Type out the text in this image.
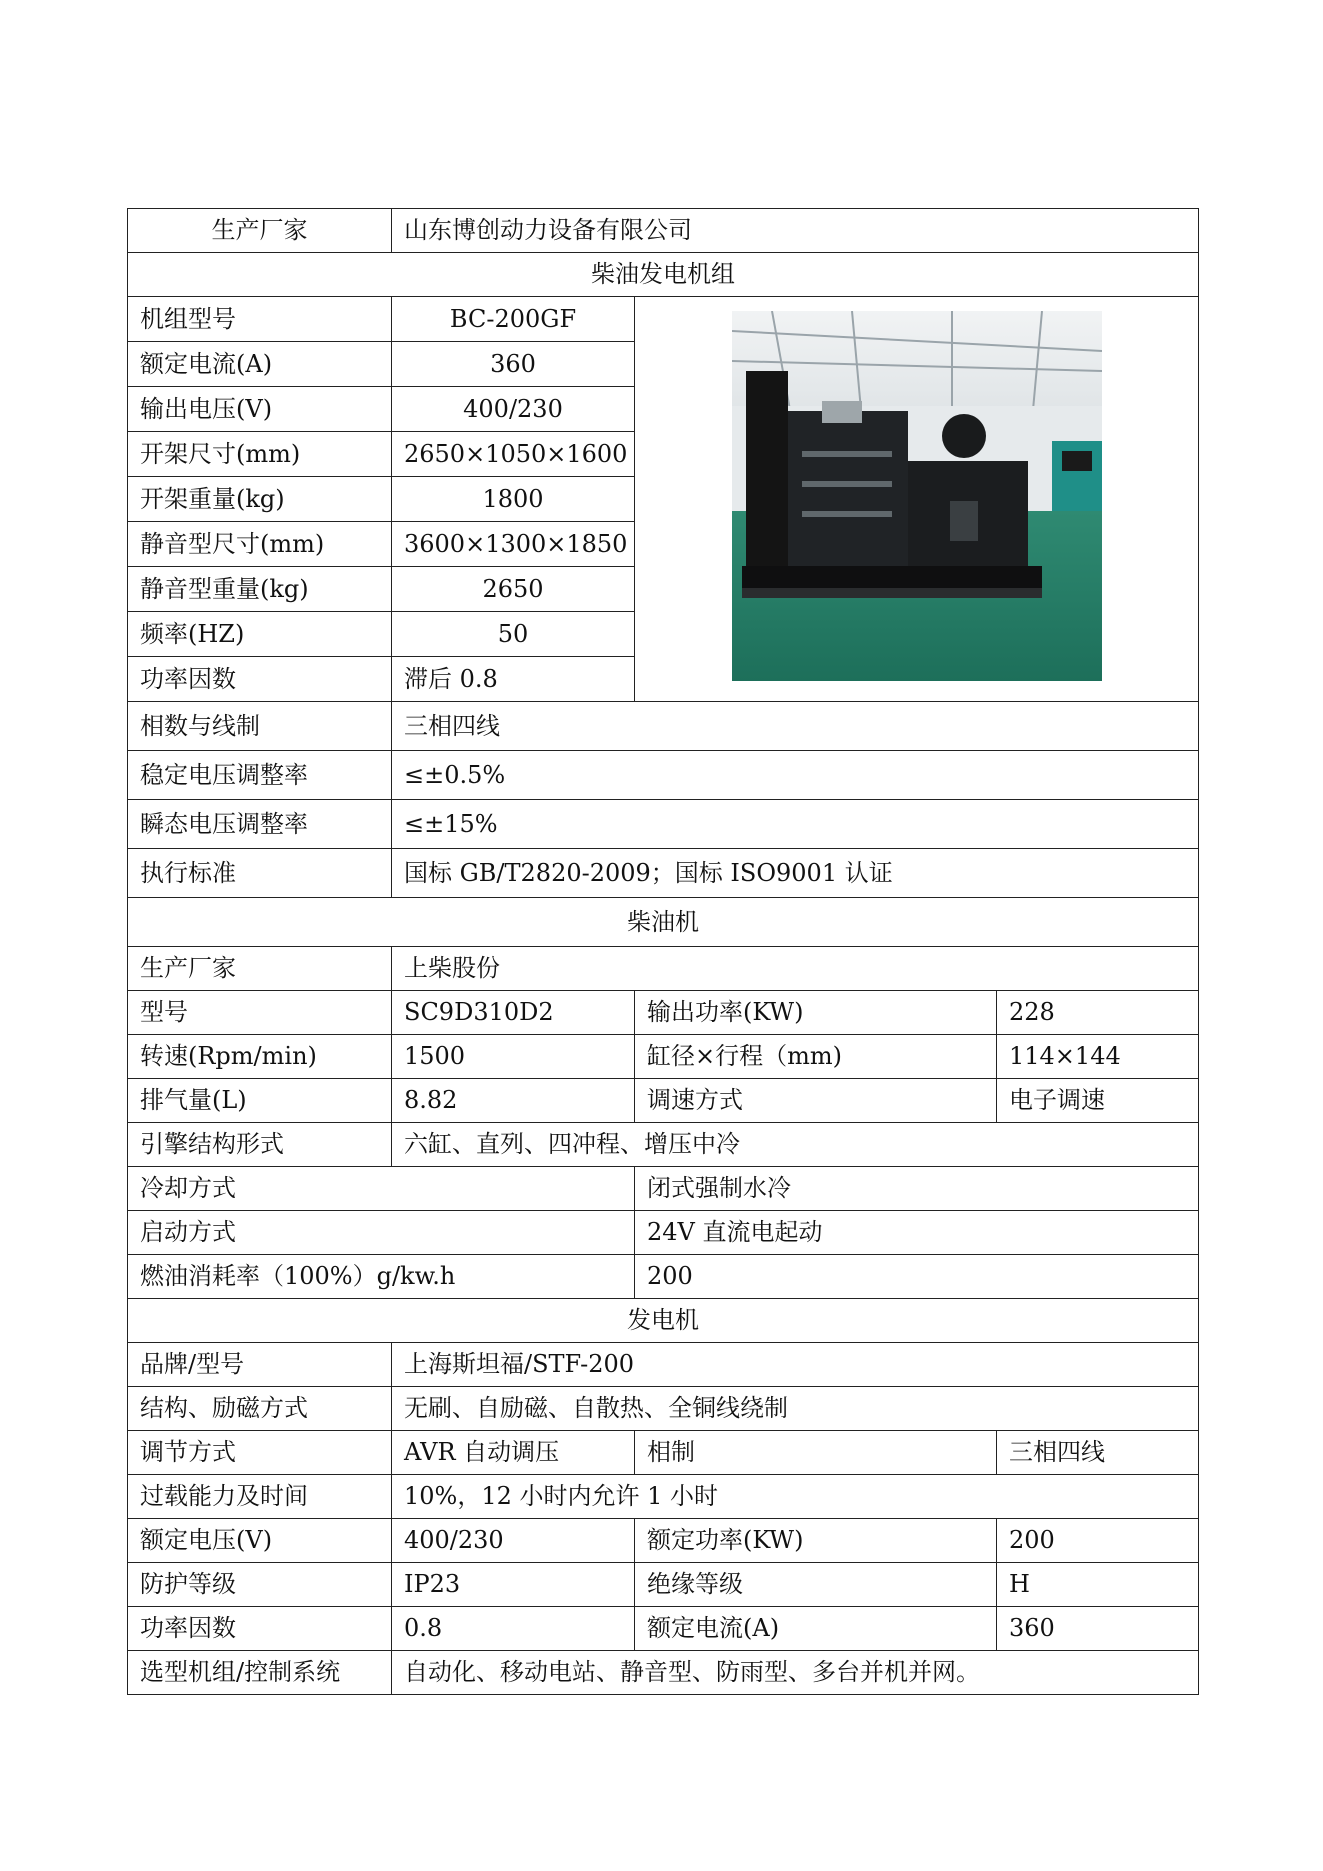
生产厂家	山东博创动力设备有限公司		
柴油发电机组			
机组型号	BC-200GF	

额定电流(A)	360		
输出电压(V)	400/230		
开架尺寸(mm)	2650×1050×1600		
开架重量(kg)	1800		
静音型尺寸(mm)	3600×1300×1850		
静音型重量(kg)	2650		
频率(HZ)	50		
功率因数	滞后 0.8		
相数与线制	三相四线		
稳定电压调整率	≤±0.5%		
瞬态电压调整率	≤±15%		
执行标准	国标 GB/T2820-2009；国标 ISO9001 认证		
柴油机			
生产厂家	上柴股份		
型号	SC9D310D2	输出功率(KW)	228
转速(Rpm/min)	1500	缸径×行程（mm)	114×144
排气量(L)	8.82	调速方式	电子调速
引擎结构形式	六缸、直列、四冲程、增压中冷		
冷却方式		闭式强制水冷	
启动方式		24V 直流电起动	
燃油消耗率（100%）g/kw.h		200	
发电机			
品牌/型号	上海斯坦福/STF-200		
结构、励磁方式	无刷、自励磁、自散热、全铜线绕制		
调节方式	AVR 自动调压	相制	三相四线
过载能力及时间	10%，12 小时内允许 1 小时		
额定电压(V)	400/230	额定功率(KW)	200
防护等级	IP23	绝缘等级	H
功率因数	0.8	额定电流(A)	360
选型机组/控制系统	自动化、移动电站、静音型、防雨型、多台并机并网。		
